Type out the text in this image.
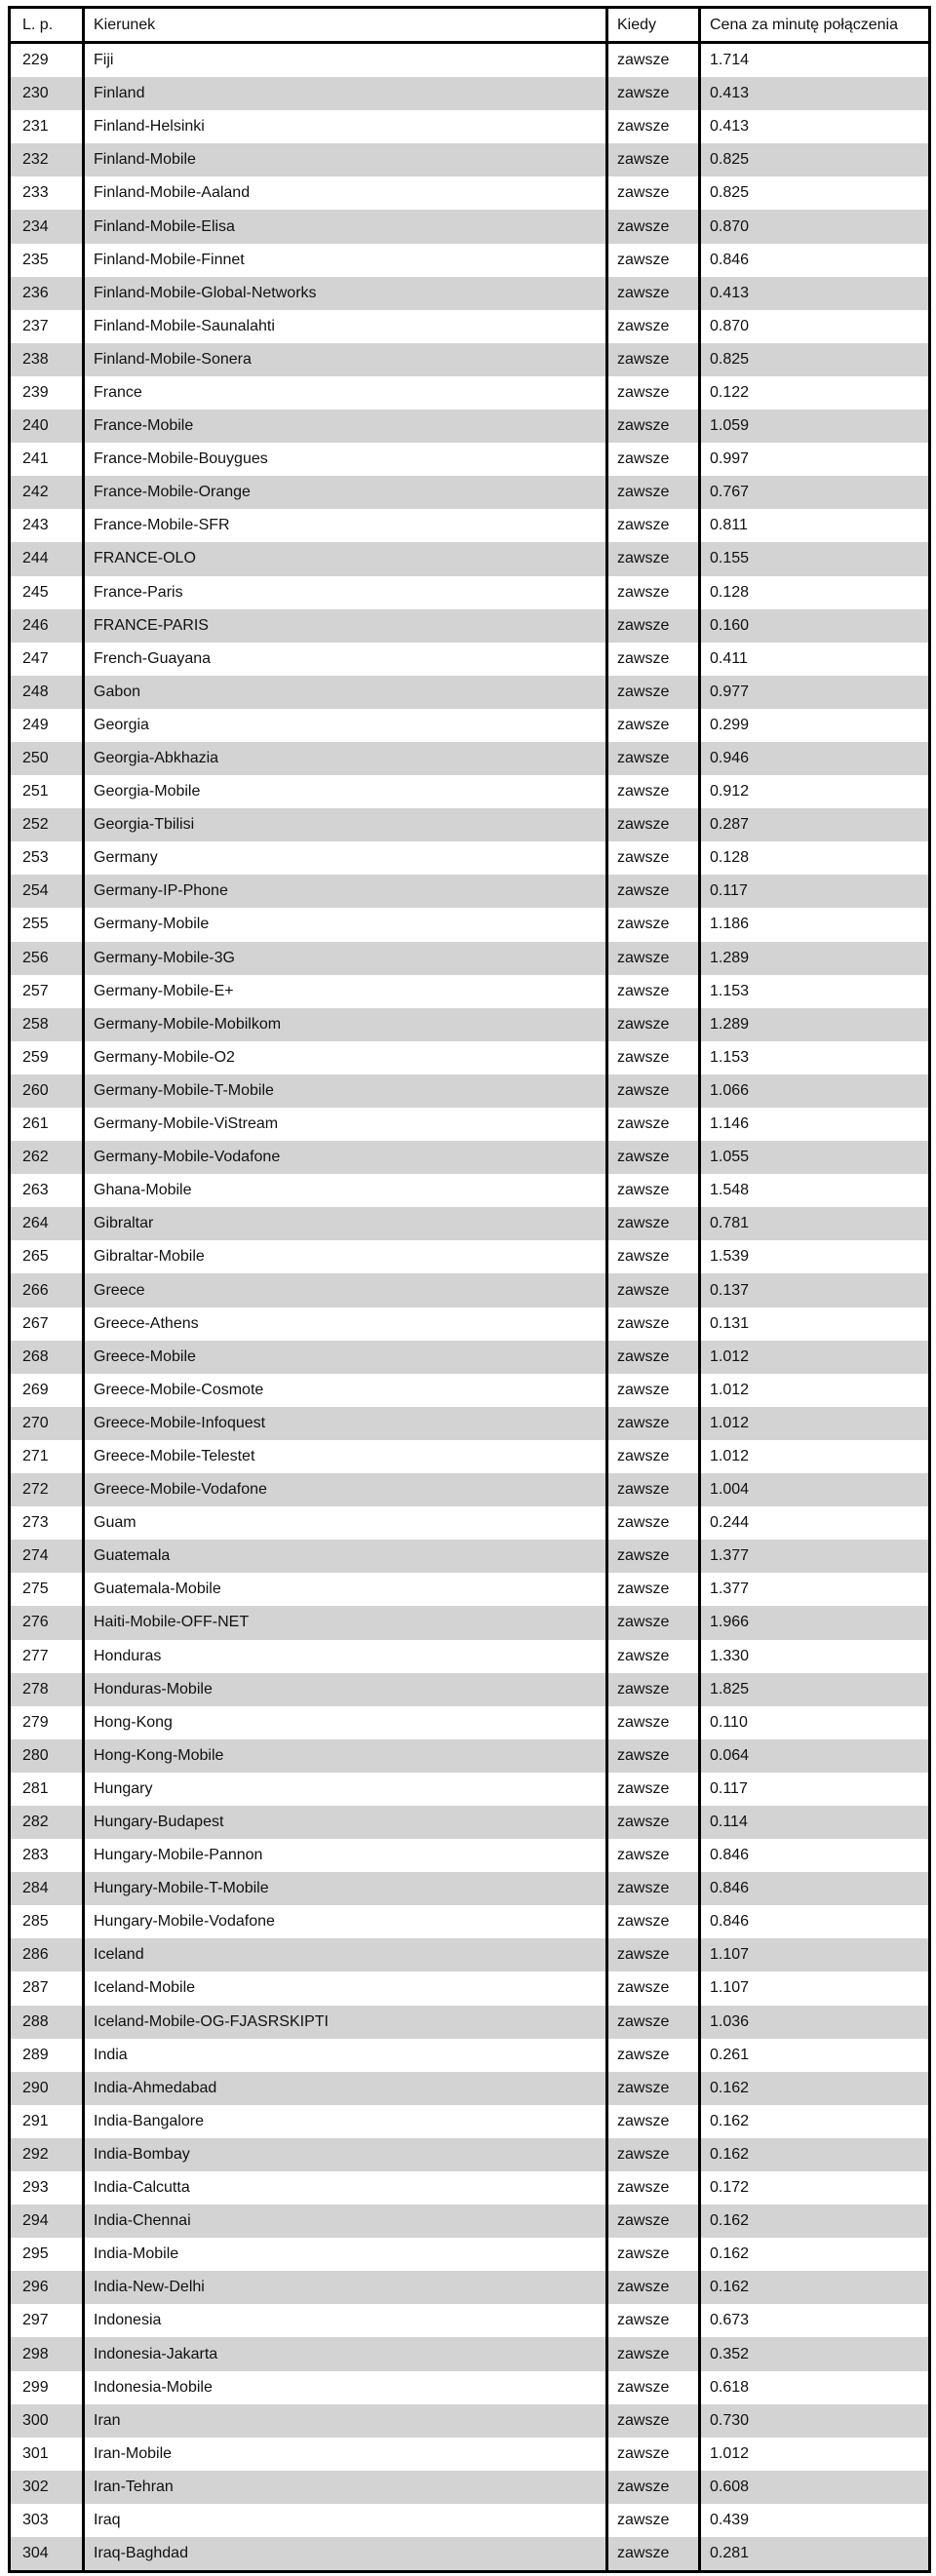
L. p.	Kierunek	Kiedy	Cena za minutę połączenia
229	Fiji	zawsze	1.714
230	Finland	zawsze	0.413
231	Finland-Helsinki	zawsze	0.413
232	Finland-Mobile	zawsze	0.825
233	Finland-Mobile-Aaland	zawsze	0.825
234	Finland-Mobile-Elisa	zawsze	0.870
235	Finland-Mobile-Finnet	zawsze	0.846
236	Finland-Mobile-Global-Networks	zawsze	0.413
237	Finland-Mobile-Saunalahti	zawsze	0.870
238	Finland-Mobile-Sonera	zawsze	0.825
239	France	zawsze	0.122
240	France-Mobile	zawsze	1.059
241	France-Mobile-Bouygues	zawsze	0.997
242	France-Mobile-Orange	zawsze	0.767
243	France-Mobile-SFR	zawsze	0.811
244	FRANCE-OLO	zawsze	0.155
245	France-Paris	zawsze	0.128
246	FRANCE-PARIS	zawsze	0.160
247	French-Guayana	zawsze	0.411
248	Gabon	zawsze	0.977
249	Georgia	zawsze	0.299
250	Georgia-Abkhazia	zawsze	0.946
251	Georgia-Mobile	zawsze	0.912
252	Georgia-Tbilisi	zawsze	0.287
253	Germany	zawsze	0.128
254	Germany-IP-Phone	zawsze	0.117
255	Germany-Mobile	zawsze	1.186
256	Germany-Mobile-3G	zawsze	1.289
257	Germany-Mobile-E+	zawsze	1.153
258	Germany-Mobile-Mobilkom	zawsze	1.289
259	Germany-Mobile-O2	zawsze	1.153
260	Germany-Mobile-T-Mobile	zawsze	1.066
261	Germany-Mobile-ViStream	zawsze	1.146
262	Germany-Mobile-Vodafone	zawsze	1.055
263	Ghana-Mobile	zawsze	1.548
264	Gibraltar	zawsze	0.781
265	Gibraltar-Mobile	zawsze	1.539
266	Greece	zawsze	0.137
267	Greece-Athens	zawsze	0.131
268	Greece-Mobile	zawsze	1.012
269	Greece-Mobile-Cosmote	zawsze	1.012
270	Greece-Mobile-Infoquest	zawsze	1.012
271	Greece-Mobile-Telestet	zawsze	1.012
272	Greece-Mobile-Vodafone	zawsze	1.004
273	Guam	zawsze	0.244
274	Guatemala	zawsze	1.377
275	Guatemala-Mobile	zawsze	1.377
276	Haiti-Mobile-OFF-NET	zawsze	1.966
277	Honduras	zawsze	1.330
278	Honduras-Mobile	zawsze	1.825
279	Hong-Kong	zawsze	0.110
280	Hong-Kong-Mobile	zawsze	0.064
281	Hungary	zawsze	0.117
282	Hungary-Budapest	zawsze	0.114
283	Hungary-Mobile-Pannon	zawsze	0.846
284	Hungary-Mobile-T-Mobile	zawsze	0.846
285	Hungary-Mobile-Vodafone	zawsze	0.846
286	Iceland	zawsze	1.107
287	Iceland-Mobile	zawsze	1.107
288	Iceland-Mobile-OG-FJASRSKIPTI	zawsze	1.036
289	India	zawsze	0.261
290	India-Ahmedabad	zawsze	0.162
291	India-Bangalore	zawsze	0.162
292	India-Bombay	zawsze	0.162
293	India-Calcutta	zawsze	0.172
294	India-Chennai	zawsze	0.162
295	India-Mobile	zawsze	0.162
296	India-New-Delhi	zawsze	0.162
297	Indonesia	zawsze	0.673
298	Indonesia-Jakarta	zawsze	0.352
299	Indonesia-Mobile	zawsze	0.618
300	Iran	zawsze	0.730
301	Iran-Mobile	zawsze	1.012
302	Iran-Tehran	zawsze	0.608
303	Iraq	zawsze	0.439
304	Iraq-Baghdad	zawsze	0.281
